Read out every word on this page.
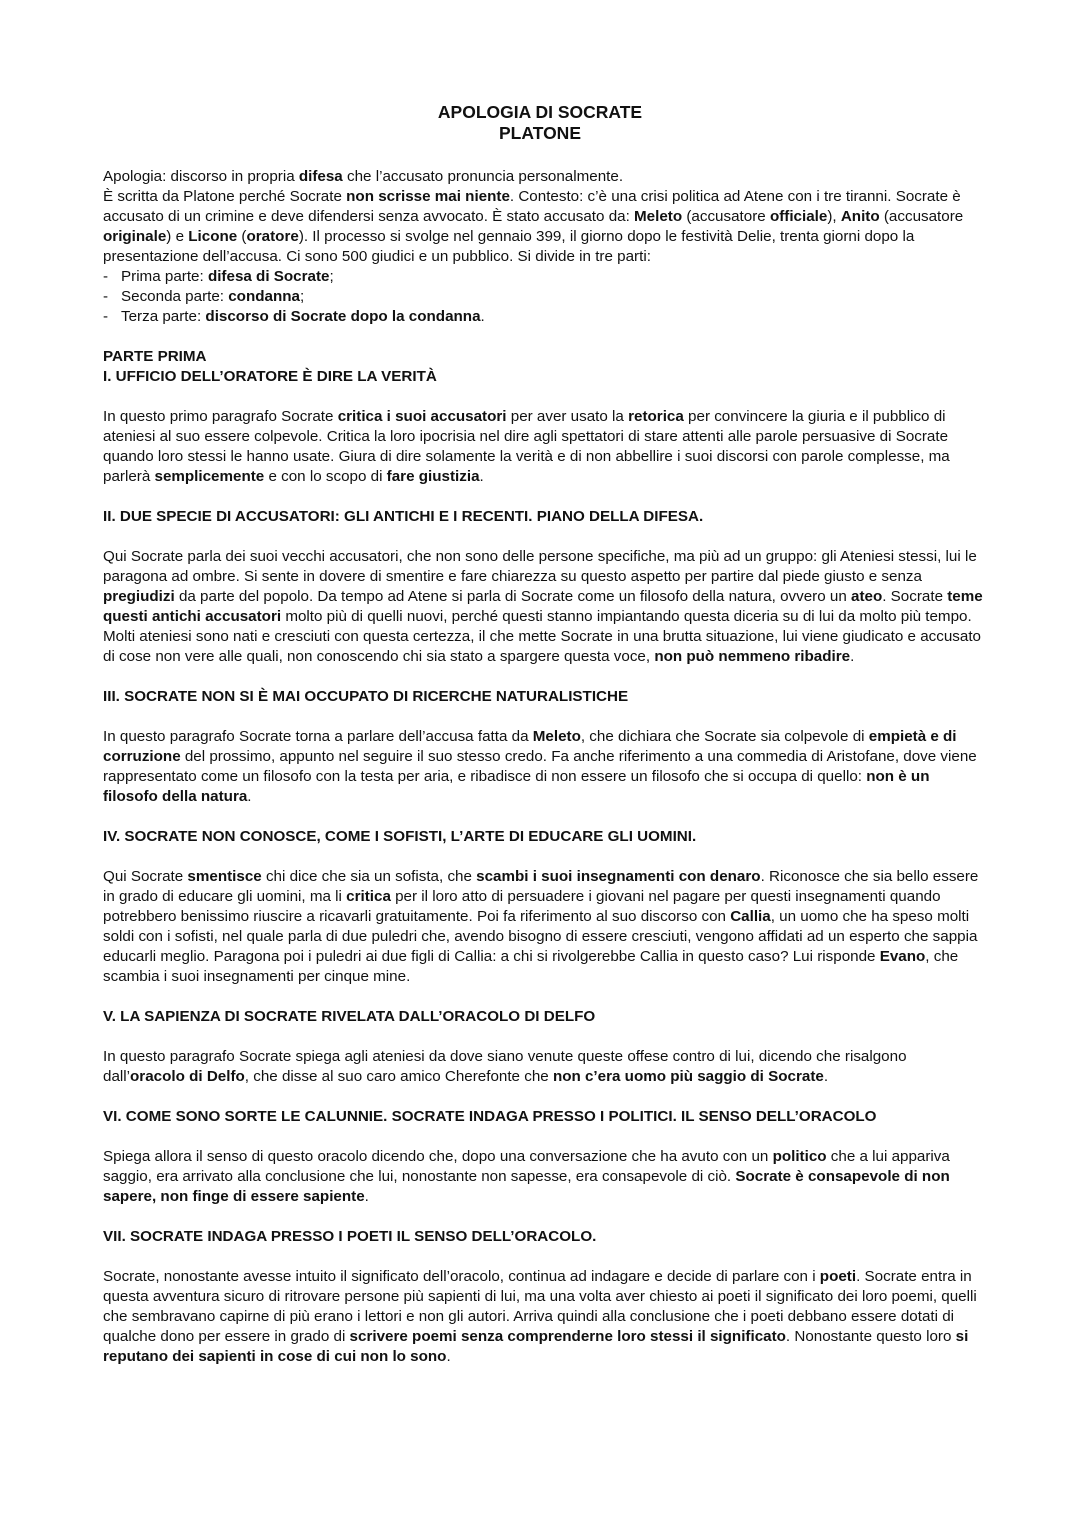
APOLOGIA DI SOCRATE
PLATONE

Apologia: discorso in propria difesa che l’accusato pronuncia personalmente.

È scritta da Platone perché Socrate non scrisse mai niente. Contesto: c’è una crisi politica ad Atene con i tre tiranni. Socrate è accusato di un crimine e deve difendersi senza avvocato. È stato accusato da: Meleto (accusatore officiale), Anito (accusatore originale) e Licone (oratore). Il processo si svolge nel gennaio 399, il giorno dopo le festività Delie, trenta giorni dopo la presentazione dell’accusa. Ci sono 500 giudici e un pubblico. Si divide in tre parti:

- Prima parte: difesa di Socrate;
- Seconda parte: condanna;
- Terza parte: discorso di Socrate dopo la condanna.

PARTE PRIMA

I. UFFICIO DELL’ORATORE È DIRE LA VERITÀ

In questo primo paragrafo Socrate critica i suoi accusatori per aver usato la retorica per convincere la giuria e il pubblico di ateniesi al suo essere colpevole. Critica la loro ipocrisia nel dire agli spettatori di stare attenti alle parole persuasive di Socrate quando loro stessi le hanno usate. Giura di dire solamente la verità e di non abbellire i suoi discorsi con parole complesse, ma parlerà semplicemente e con lo scopo di fare giustizia.

II. DUE SPECIE DI ACCUSATORI: GLI ANTICHI E I RECENTI. PIANO DELLA DIFESA.

Qui Socrate parla dei suoi vecchi accusatori, che non sono delle persone specifiche, ma più ad un gruppo: gli Ateniesi stessi, lui le paragona ad ombre. Si sente in dovere di smentire e fare chiarezza su questo aspetto per partire dal piede giusto e senza pregiudizi da parte del popolo. Da tempo ad Atene si parla di Socrate come un filosofo della natura, ovvero un ateo. Socrate teme questi antichi accusatori molto più di quelli nuovi, perché questi stanno impiantando questa diceria su di lui da molto più tempo. Molti ateniesi sono nati e cresciuti con questa certezza, il che mette Socrate in una brutta situazione, lui viene giudicato e accusato di cose non vere alle quali, non conoscendo chi sia stato a spargere questa voce, non può nemmeno ribadire.

III. SOCRATE NON SI È MAI OCCUPATO DI RICERCHE NATURALISTICHE

In questo paragrafo Socrate torna a parlare dell’accusa fatta da Meleto, che dichiara che Socrate sia colpevole di empietà e di corruzione del prossimo, appunto nel seguire il suo stesso credo. Fa anche riferimento a una commedia di Aristofane, dove viene rappresentato come un filosofo con la testa per aria, e ribadisce di non essere un filosofo che si occupa di quello: non è un filosofo della natura.

IV. SOCRATE NON CONOSCE, COME I SOFISTI, L’ARTE DI EDUCARE GLI UOMINI.

Qui Socrate smentisce chi dice che sia un sofista, che scambi i suoi insegnamenti con denaro. Riconosce che sia bello essere in grado di educare gli uomini, ma li critica per il loro atto di persuadere i giovani nel pagare per questi insegnamenti quando potrebbero benissimo riuscire a ricavarli gratuitamente. Poi fa riferimento al suo discorso con Callia, un uomo che ha speso molti soldi con i sofisti, nel quale parla di due puledri che, avendo bisogno di essere cresciuti, vengono affidati ad un esperto che sappia educarli meglio. Paragona poi i puledri ai due figli di Callia: a chi si rivolgerebbe Callia in questo caso? Lui risponde Evano, che scambia i suoi insegnamenti per cinque mine.

V. LA SAPIENZA DI SOCRATE RIVELATA DALL’ORACOLO DI DELFO

In questo paragrafo Socrate spiega agli ateniesi da dove siano venute queste offese contro di lui, dicendo che risalgono dall’oracolo di Delfo, che disse al suo caro amico Cherefonte che non c’era uomo più saggio di Socrate.

VI. COME SONO SORTE LE CALUNNIE. SOCRATE INDAGA PRESSO I POLITICI. IL SENSO DELL’ORACOLO

Spiega allora il senso di questo oracolo dicendo che, dopo una conversazione che ha avuto con un politico che a lui appariva saggio, era arrivato alla conclusione che lui, nonostante non sapesse, era consapevole di ciò. Socrate è consapevole di non sapere, non finge di essere sapiente.

VII. SOCRATE INDAGA PRESSO I POETI IL SENSO DELL’ORACOLO.

Socrate, nonostante avesse intuito il significato dell’oracolo, continua ad indagare e decide di parlare con i poeti. Socrate entra in questa avventura sicuro di ritrovare persone più sapienti di lui, ma una volta aver chiesto ai poeti il significato dei loro poemi, quelli che sembravano capirne di più erano i lettori e non gli autori. Arriva quindi alla conclusione che i poeti debbano essere dotati di qualche dono per essere in grado di scrivere poemi senza comprenderne loro stessi il significato. Nonostante questo loro si reputano dei sapienti in cose di cui non lo sono.
